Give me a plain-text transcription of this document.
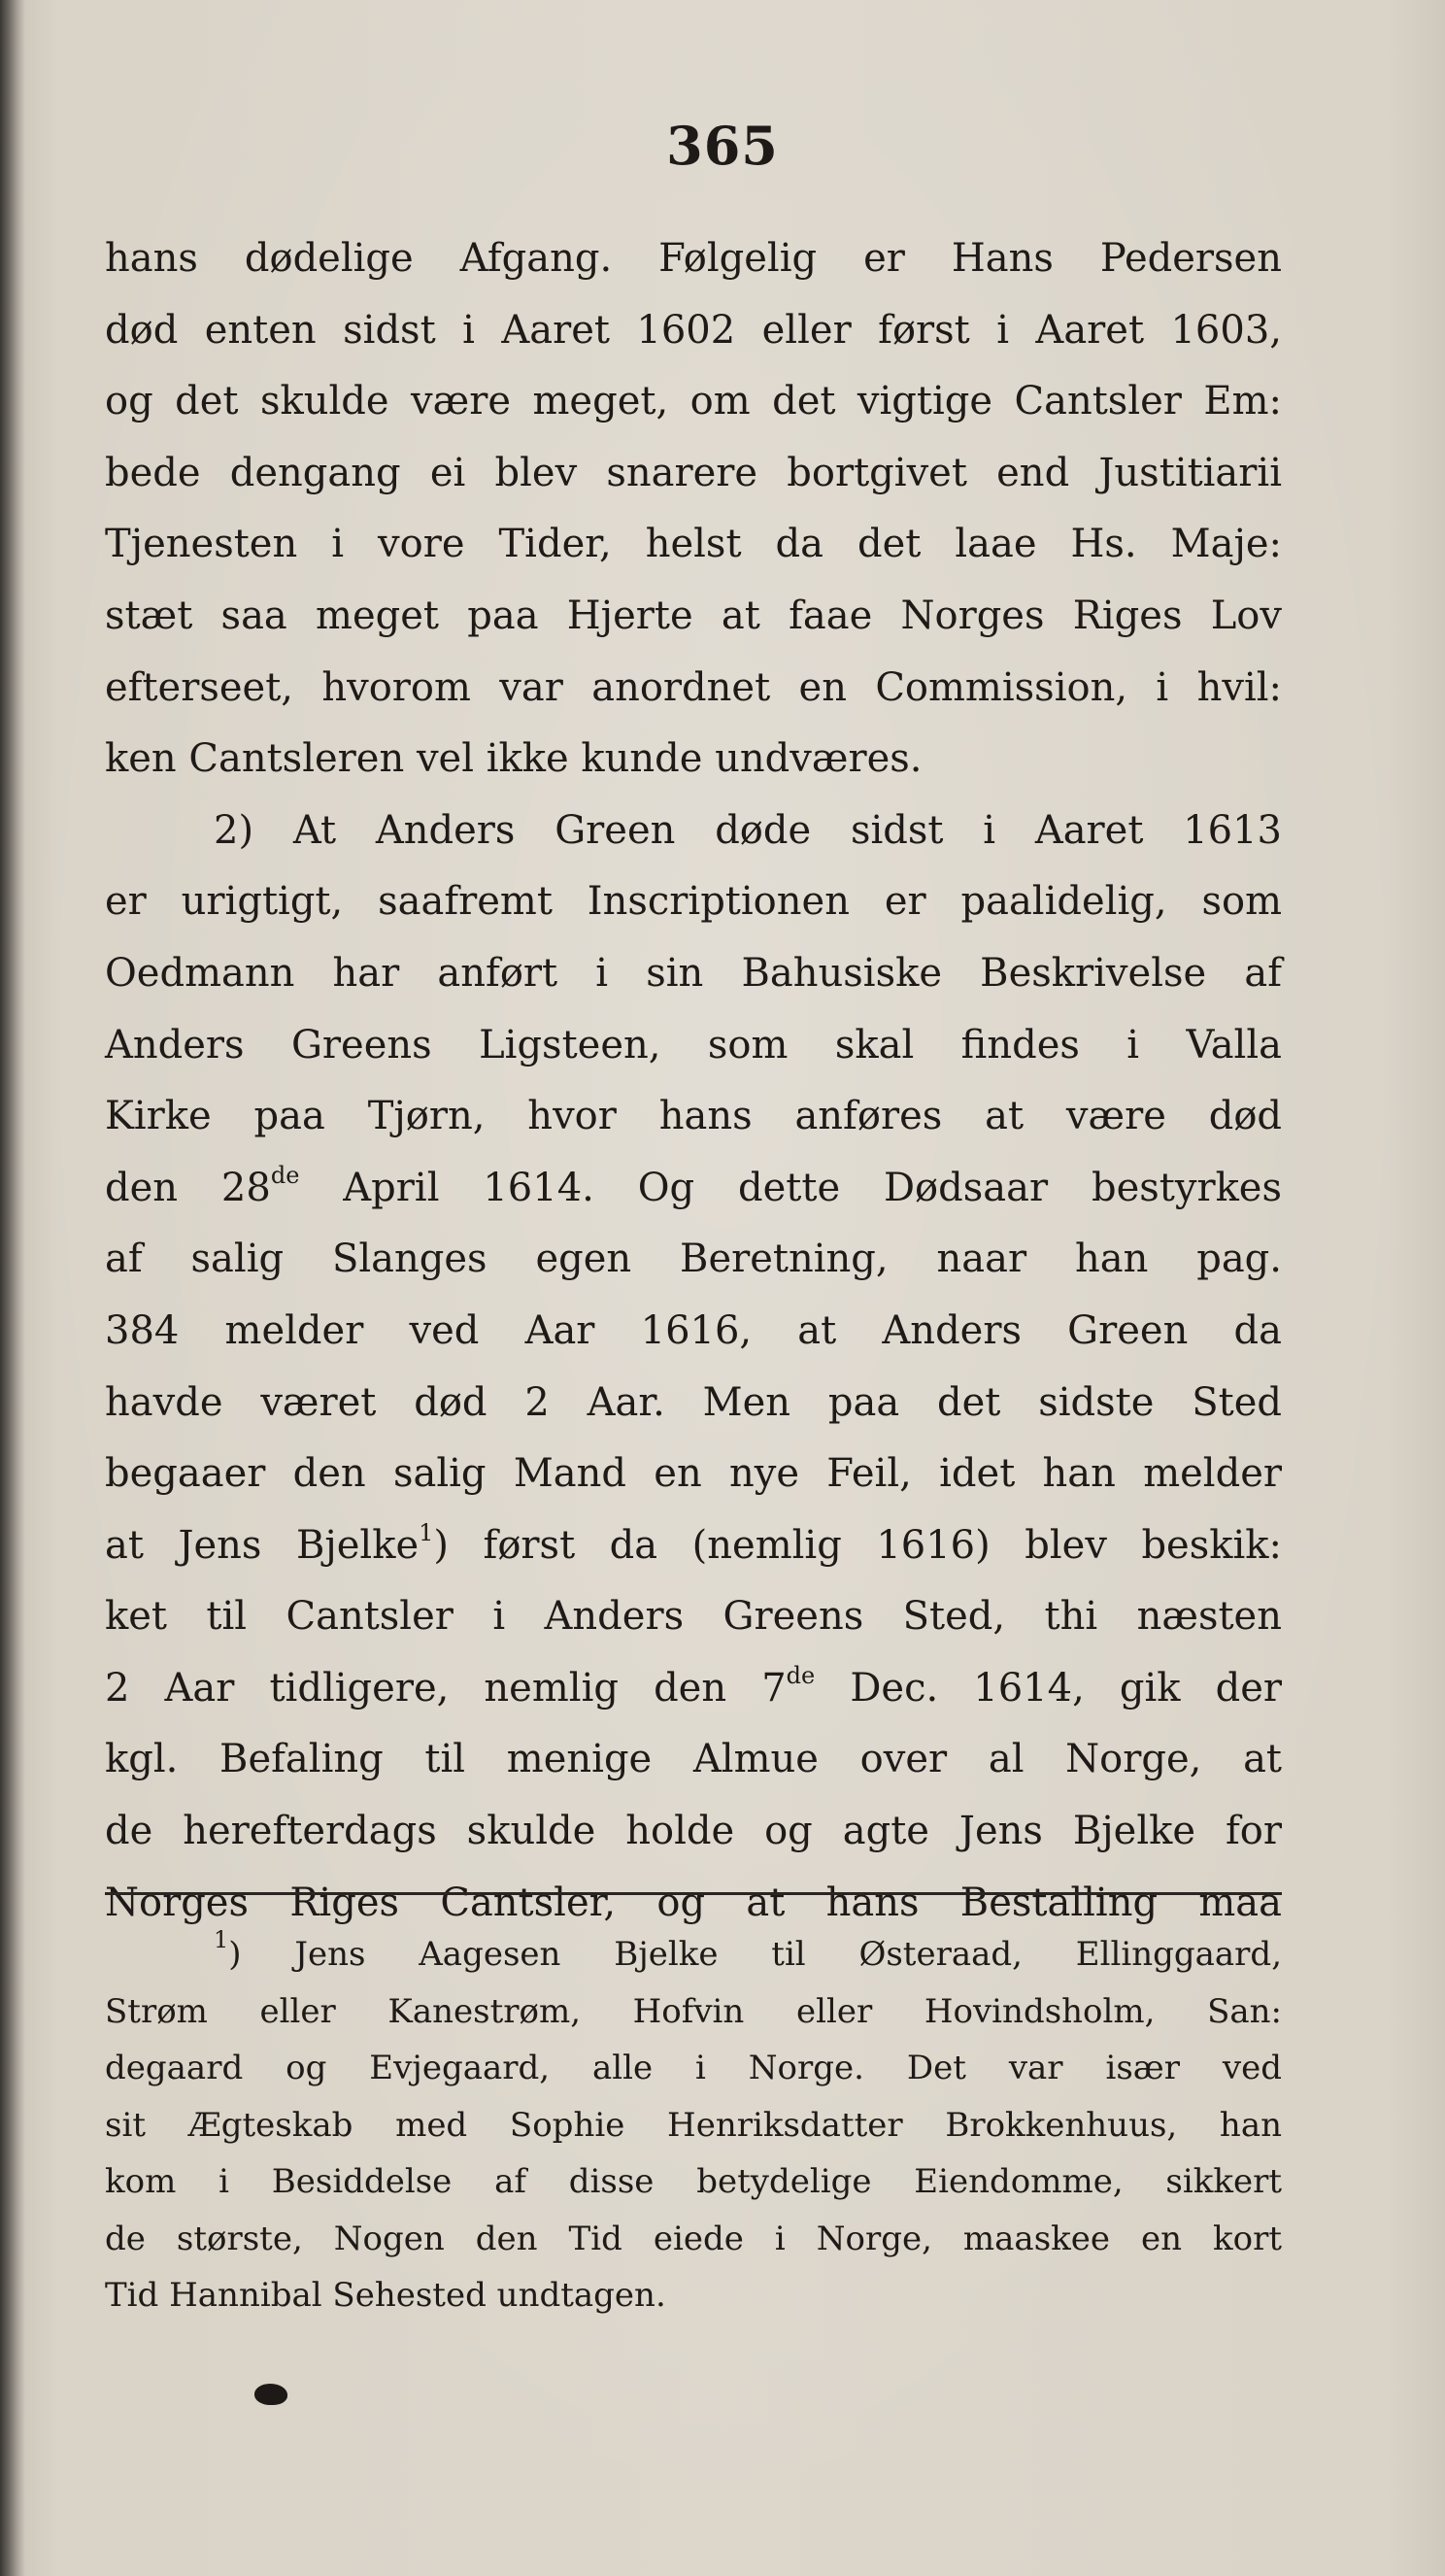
365
hans dødelige Afgang. Følgelig er Hans Pedersen
død enten sidst i Aaret 1602 eller først i Aaret 1603,
og det skulde være meget, om det vigtige Cantsler Em:
bede dengang ei blev snarere bortgivet end Justitiarii
Tjenesten i vore Tider, helst da det laae Hs. Maje:
stæt saa meget paa Hjerte at faae Norges Riges Lov
efterseet, hvorom var anordnet en Commission, i hvil:
ken Cantsleren vel ikke kunde undværes.
2) At Anders Green døde sidst i Aaret 1613
er urigtigt, saafremt Inscriptionen er paalidelig, som
Oedmann har anført i sin Bahusiske Beskrivelse af
Anders Greens Ligsteen, som skal findes i Valla
Kirke paa Tjørn, hvor hans anføres at være død
den 28de April 1614. Og dette Dødsaar bestyrkes
af salig Slanges egen Beretning, naar han pag.
384 melder ved Aar 1616, at Anders Green da
havde været død 2 Aar. Men paa det sidste Sted
begaaer den salig Mand en nye Feil, idet han melder
at Jens Bjelke$^1$) først da (nemlig 1616) blev beskik:
ket til Cantsler i Anders Greens Sted, thi næsten
2 Aar tidligere, nemlig den 7de Dec. 1614, gik der
kgl. Befaling til menige Almue over al Norge, at
de herefterdags skulde holde og agte Jens Bjelke for
Norges Riges Cantsler, og at hans Bestalling maa
$^1$) Jens Aagesen Bjelke til Østeraad, Ellinggaard,
Strøm eller Kanestrøm, Hofvin eller Hovindsholm, San:
degaard og Evjegaard, alle i Norge. Det var især ved
sit Ægteskab med Sophie Henriksdatter Brokkenhuus, han
kom i Besiddelse af disse betydelige Eiendomme, sikkert
de største, Nogen den Tid eiede i Norge, maaskee en kort
Tid Hannibal Sehested undtagen.
